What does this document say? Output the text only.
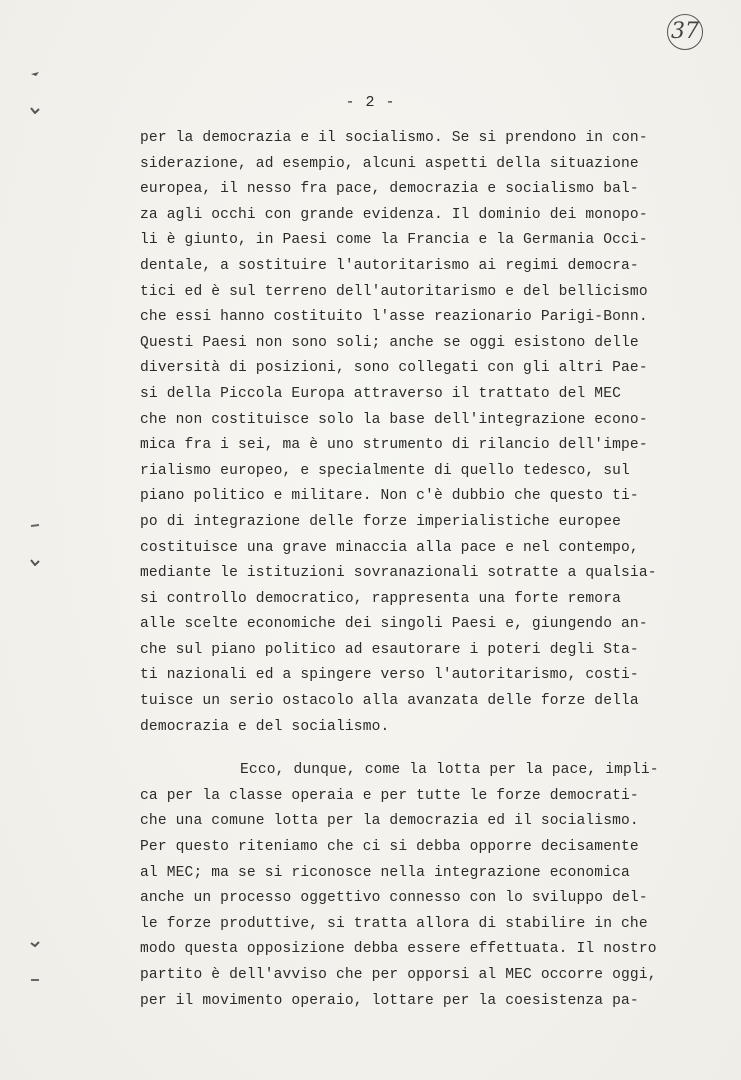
37
- 2 -
per la democrazia e il socialismo. Se si prendono in con-
siderazione, ad esempio, alcuni aspetti della situazione
europea, il nesso fra pace, democrazia e socialismo bal-
za agli occhi con grande evidenza. Il dominio dei monopo-
li è giunto, in Paesi come la Francia e la Germania Occi-
dentale, a sostituire l'autoritarismo ai regimi democra-
tici ed è sul terreno dell'autoritarismo e del bellicismo
che essi hanno costituito l'asse reazionario Parigi-Bonn.
Questi Paesi non sono soli; anche se oggi esistono delle
diversità di posizioni, sono collegati con gli altri Pae-
si della Piccola Europa attraverso il trattato del MEC
che non costituisce solo la base dell'integrazione econo-
mica fra i sei, ma è uno strumento di rilancio dell'impe-
rialismo europeo, e specialmente di quello tedesco, sul
piano politico e militare. Non c'è dubbio che questo ti-
po di integrazione delle forze imperialistiche europee
costituisce una grave minaccia alla pace e nel contempo,
mediante le istituzioni sovranazionali sotratte a qualsia-
si controllo democratico, rappresenta una forte remora
alle scelte economiche dei singoli Paesi e, giungendo an-
che sul piano politico ad esautorare i poteri degli Sta-
ti nazionali ed a spingere verso l'autoritarismo, costi-
tuisce un serio ostacolo alla avanzata delle forze della
democrazia e del socialismo.
Ecco, dunque, come la lotta per la pace, impli-
ca per la classe operaia e per tutte le forze democrati-
che una comune lotta per la democrazia ed il socialismo.
Per questo riteniamo che ci si debba opporre decisamente
al MEC; ma se si riconosce nella integrazione economica
anche un processo oggettivo connesso con lo sviluppo del-
le forze produttive, si tratta allora di stabilire in che
modo questa opposizione debba essere effettuata. Il nostro
partito è dell'avviso che per opporsi al MEC occorre oggi,
per il movimento operaio, lottare per la coesistenza pa-
